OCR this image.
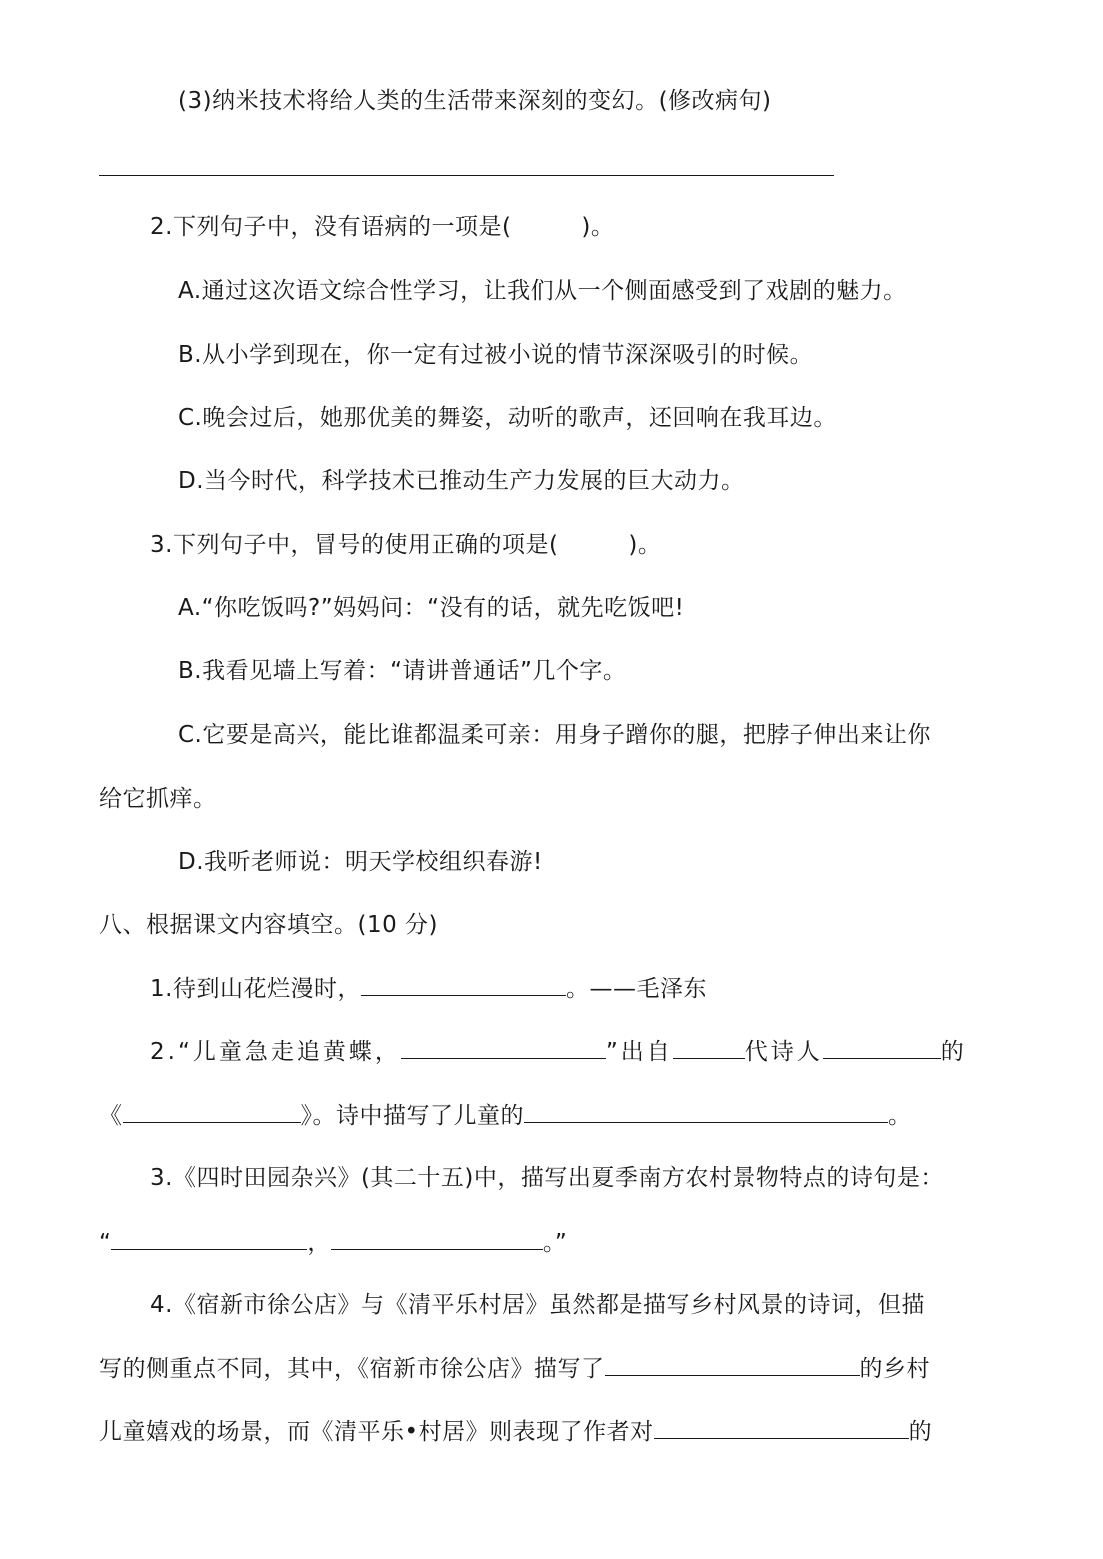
(3)纳米技术将给人类的生活带来深刻的变幻。(修改病句)
2.下列句子中，没有语病的一项是(	)。
A.通过这次语文综合性学习，让我们从一个侧面感受到了戏剧的魅力。
B.从小学到现在，你一定有过被小说的情节深深吸引的时候。
C.晚会过后，她那优美的舞姿，动听的歌声，还回响在我耳边。
D.当今时代，科学技术已推动生产力发展的巨大动力。
3.下列句子中，冒号的使用正确的项是(	)。
A.“你吃饭吗?”妈妈问：“没有的话，就先吃饭吧!
B.我看见墙上写着：“请讲普通话”几个字。
C.它要是高兴，能比谁都温柔可亲：用身子蹭你的腿，把脖子伸出来让你
给它抓痒。
D.我听老师说：明天学校组织春游!
八、根据课文内容填空。(10 分)
1.待到山花烂漫时，	。——毛泽东
2.“儿童急走追黄蝶，	”出自	代诗人	的
《	》。诗中描写了儿童的	。
3.《四时田园杂兴》(其二十五)中，描写出夏季南方农村景物特点的诗句是：
“	，	。”
4.《宿新市徐公店》与《清平乐村居》虽然都是描写乡村风景的诗词，但描
写的侧重点不同，其中，《宿新市徐公店》描写了	的乡村
儿童嬉戏的场景，而《清平乐•村居》则表现了作者对	的
